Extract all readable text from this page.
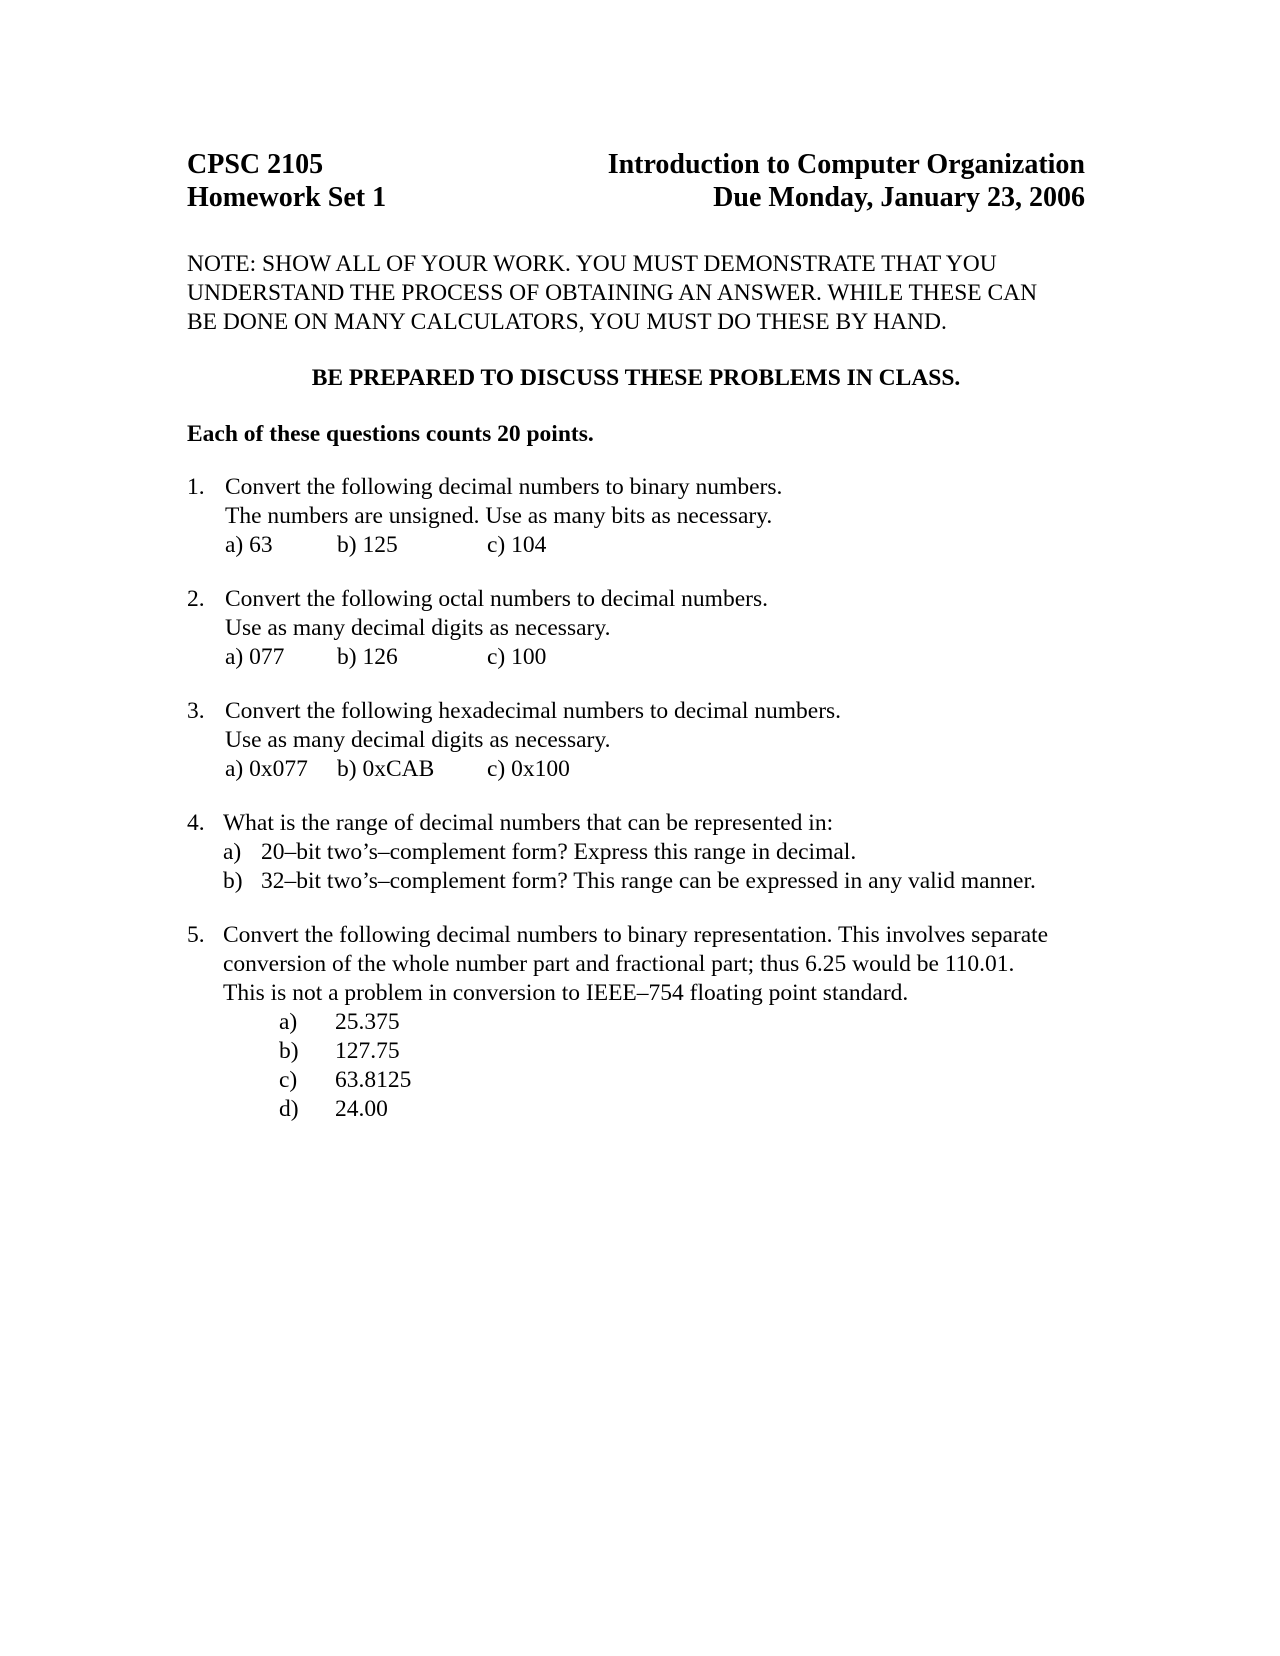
CPSC 2105	Introduction to Computer Organization
Homework Set 1	Due Monday, January 23, 2006
NOTE: SHOW ALL OF YOUR WORK. YOU MUST DEMONSTRATE THAT YOU
UNDERSTAND THE PROCESS OF OBTAINING AN ANSWER. WHILE THESE CAN
BE DONE ON MANY CALCULATORS, YOU MUST DO THESE BY HAND.
BE PREPARED TO DISCUSS THESE PROBLEMS IN CLASS.
Each of these questions counts 20 points.
1. Convert the following decimal numbers to binary numbers.
The numbers are unsigned. Use as many bits as necessary.
a) 63	b) 125	c) 104
2. Convert the following octal numbers to decimal numbers.
Use as many decimal digits as necessary.
a) 077	b) 126	c) 100
3. Convert the following hexadecimal numbers to decimal numbers.
Use as many decimal digits as necessary.
a) 0x077	b) 0xCAB	c) 0x100
4. What is the range of decimal numbers that can be represented in:
a) 20–bit two’s–complement form? Express this range in decimal.
b) 32–bit two’s–complement form? This range can be expressed in any valid manner.
5. Convert the following decimal numbers to binary representation. This involves separate
conversion of the whole number part and fractional part; thus 6.25 would be 110.01.
This is not a problem in conversion to IEEE–754 floating point standard.
a)	25.375
b)	127.75
c)	63.8125
d)	24.00
